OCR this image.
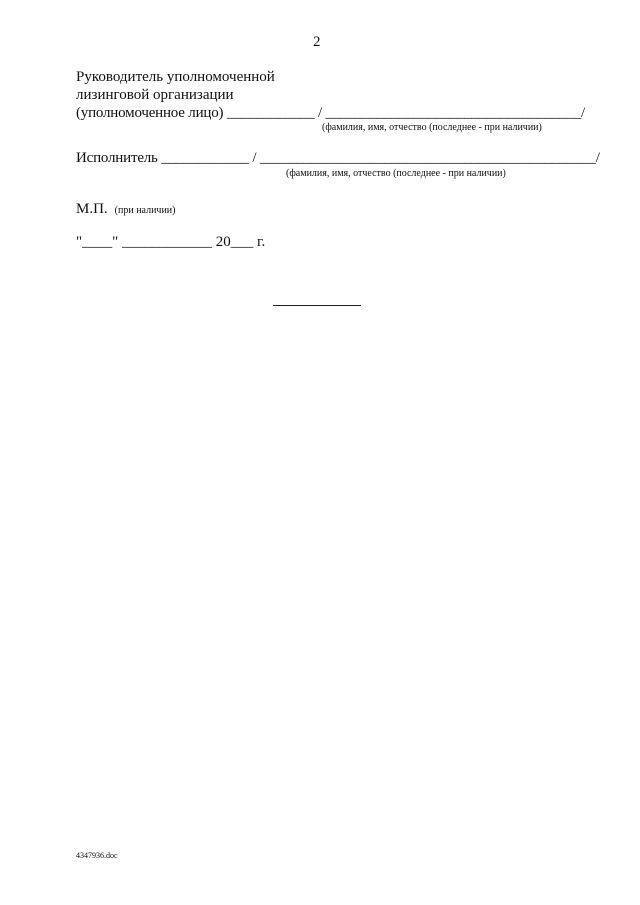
2
Руководитель уполномоченной
лизинговой организации
(уполномоченное лицо) ____________ / ___________________________________/
(фамилия, имя, отчество (последнее - при наличии)
Исполнитель ____________ / ______________________________________________/
(фамилия, имя, отчество (последнее - при наличии)
М.П. (при наличии)
"____" ____________ 20___ г.
4347936.doc
